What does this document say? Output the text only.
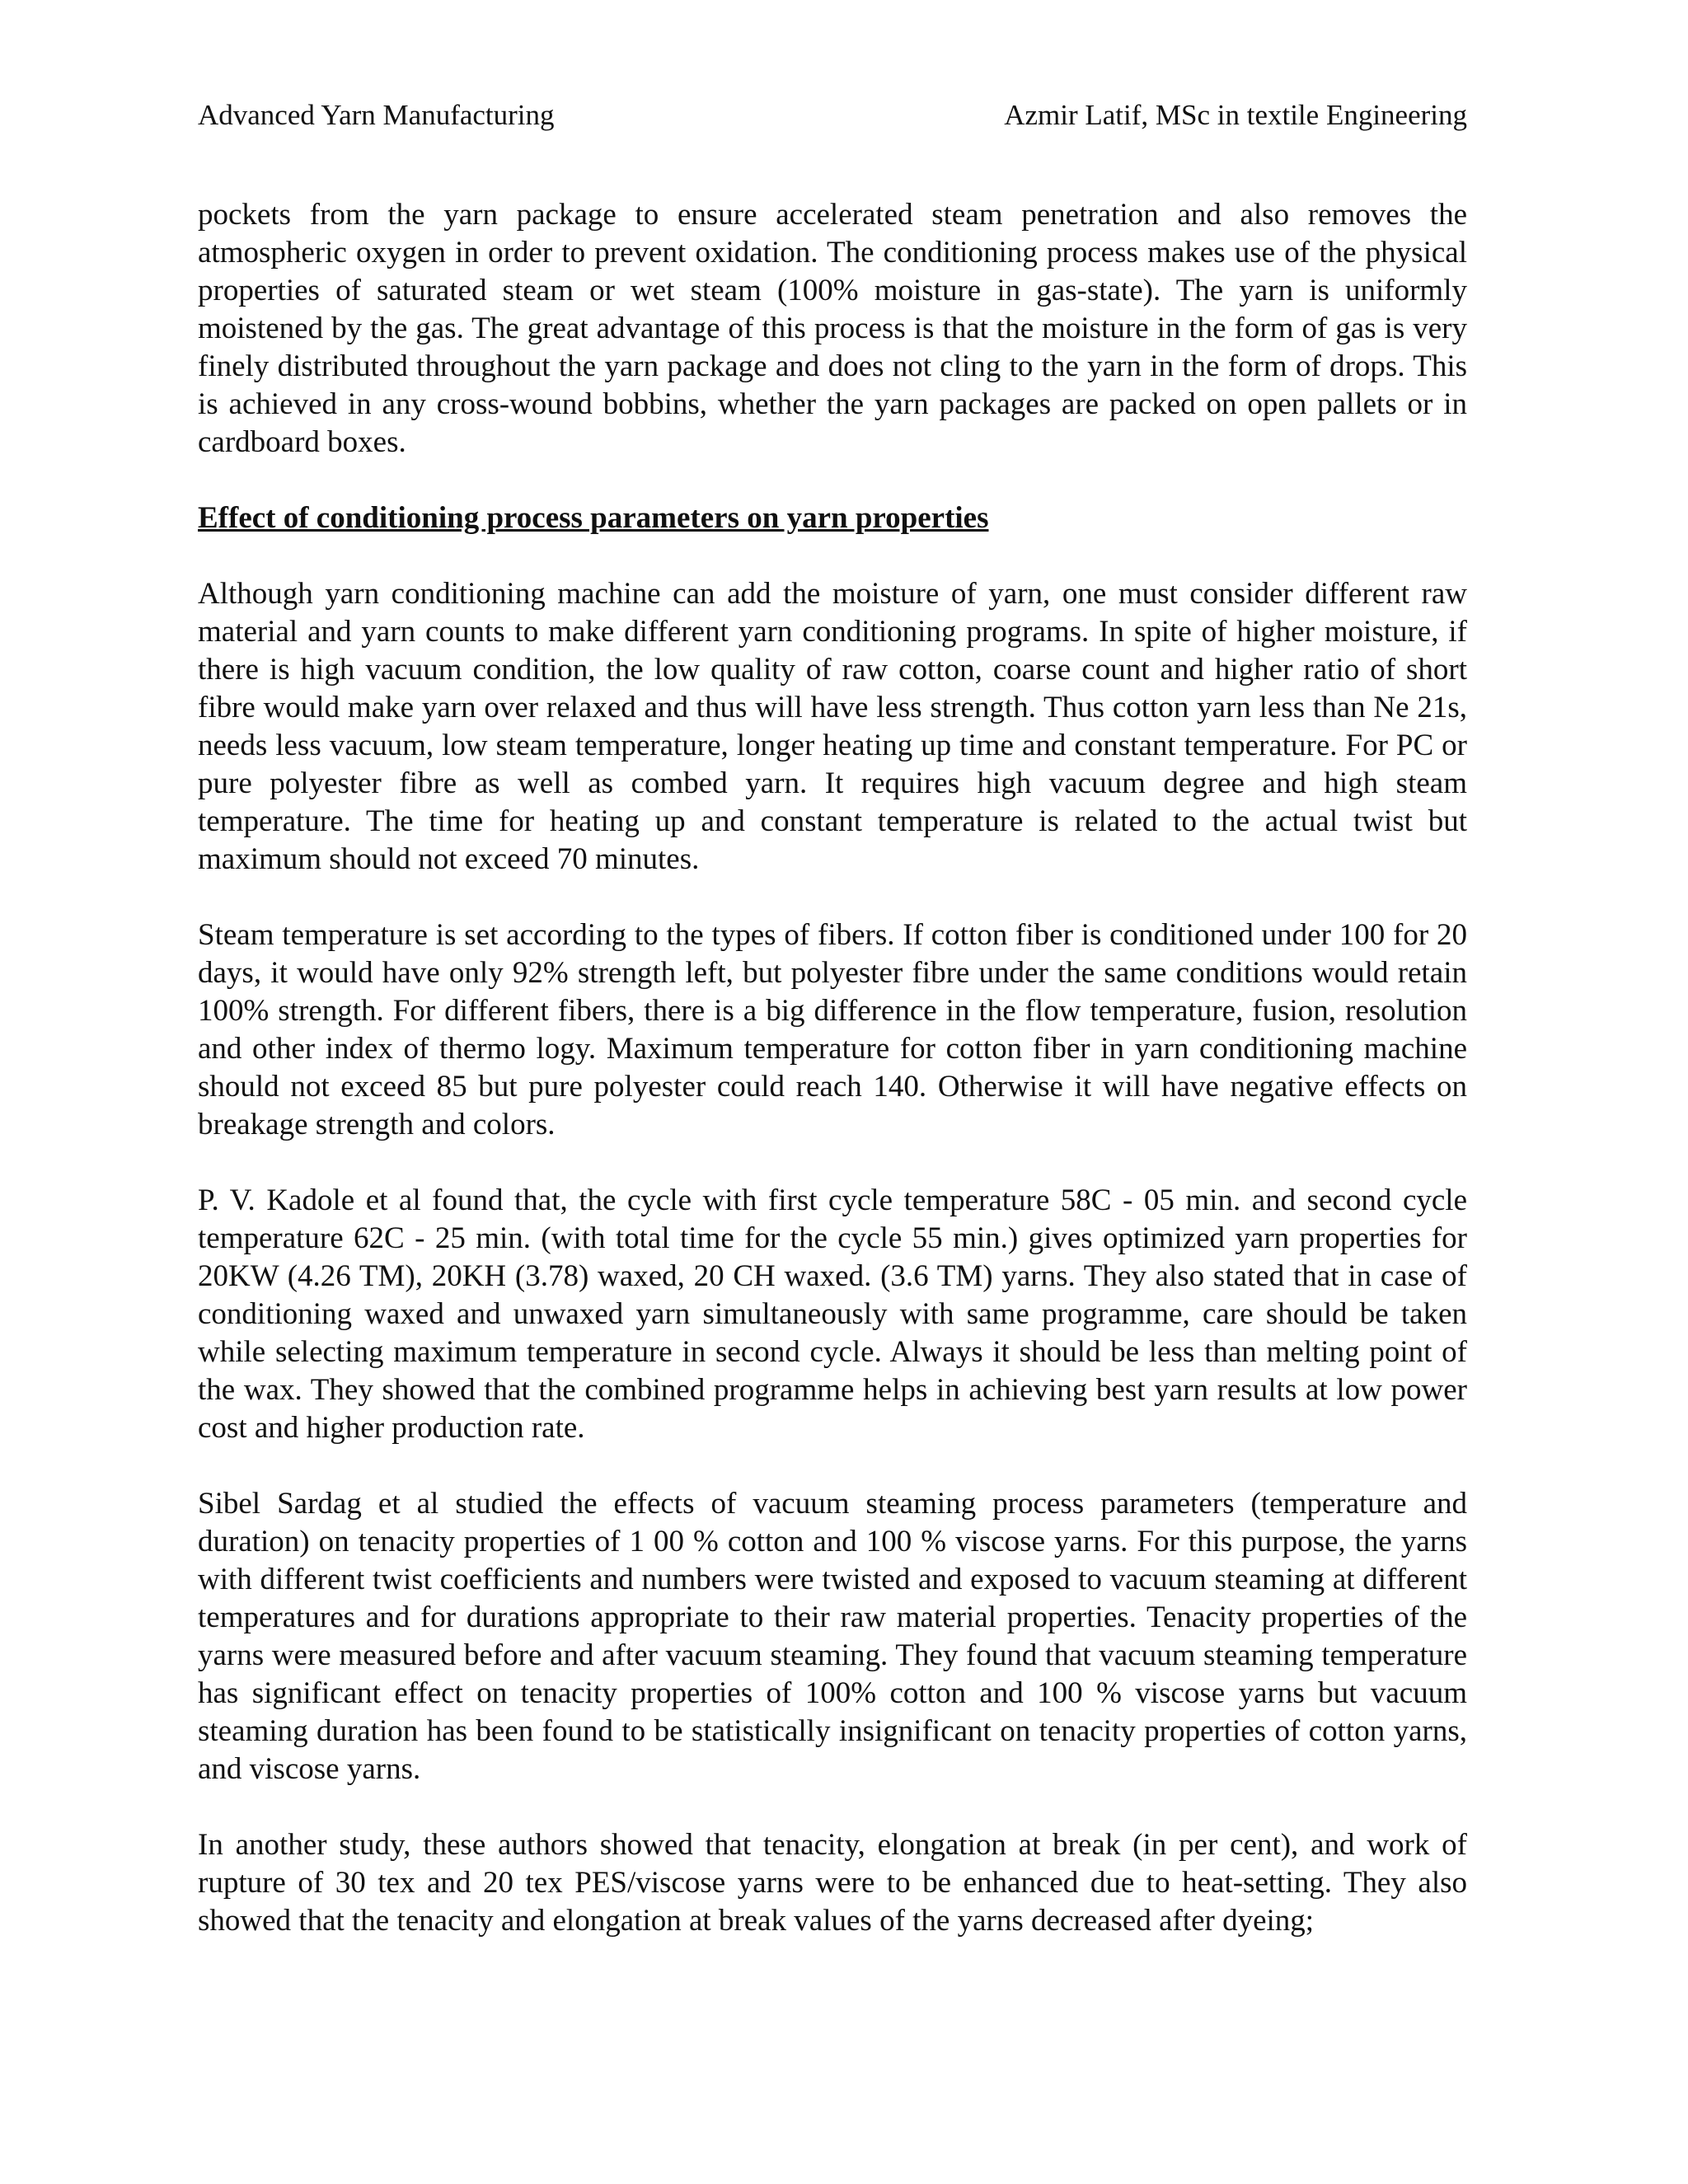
Advanced Yarn Manufacturing	Azmir Latif, MSc in textile Engineering

pockets from the yarn package to ensure accelerated steam penetration and also removes the atmospheric oxygen in order to prevent oxidation. The conditioning process makes use of the physical properties of saturated steam or wet steam (100% moisture in gas-state). The yarn is uniformly moistened by the gas. The great advantage of this process is that the moisture in the form of gas is very finely distributed throughout the yarn package and does not cling to the yarn in the form of drops. This is achieved in any cross-wound bobbins, whether the yarn packages are packed on open pallets or in cardboard boxes.

Effect of conditioning process parameters on yarn properties

Although yarn conditioning machine can add the moisture of yarn, one must consider different raw material and yarn counts to make different yarn conditioning programs. In spite of higher moisture, if there is high vacuum condition, the low quality of raw cotton, coarse count and higher ratio of short fibre would make yarn over relaxed and thus will have less strength. Thus cotton yarn less than Ne 21s, needs less vacuum, low steam temperature, longer heating up time and constant temperature. For PC or pure polyester fibre as well as combed yarn. It requires high vacuum degree and high steam temperature. The time for heating up and constant temperature is related to the actual twist but maximum should not exceed 70 minutes.

Steam temperature is set according to the types of fibers. If cotton fiber is conditioned under 100 for 20 days, it would have only 92% strength left, but polyester fibre under the same conditions would retain 100% strength. For different fibers, there is a big difference in the flow temperature, fusion, resolution and other index of thermo logy. Maximum temperature for cotton fiber in yarn conditioning machine should not exceed 85 but pure polyester could reach 140. Otherwise it will have negative effects on breakage strength and colors.

P. V. Kadole et al found that, the cycle with first cycle temperature 58C - 05 min. and second cycle temperature 62C - 25 min. (with total time for the cycle 55 min.) gives optimized yarn properties for 20KW (4.26 TM), 20KH (3.78) waxed, 20 CH waxed. (3.6 TM) yarns. They also stated that in case of conditioning waxed and unwaxed yarn simultaneously with same programme, care should be taken while selecting maximum temperature in second cycle. Always it should be less than melting point of the wax. They showed that the combined programme helps in achieving best yarn results at low power cost and higher production rate.

Sibel Sardag et al studied the effects of vacuum steaming process parameters (temperature and duration) on tenacity properties of 1 00 % cotton and 100 % viscose yarns. For this purpose, the yarns with different twist coefficients and numbers were twisted and exposed to vacuum steaming at different temperatures and for durations appropriate to their raw material properties. Tenacity properties of the yarns were measured before and after vacuum steaming. They found that vacuum steaming temperature has significant effect on tenacity properties of 100% cotton and 100 % viscose yarns but vacuum steaming duration has been found to be statistically insignificant on tenacity properties of cotton yarns, and viscose yarns.

In another study, these authors showed that tenacity, elongation at break (in per cent), and work of rupture of 30 tex and 20 tex PES/viscose yarns were to be enhanced due to heat-setting. They also showed that the tenacity and elongation at break values of the yarns decreased after dyeing;
